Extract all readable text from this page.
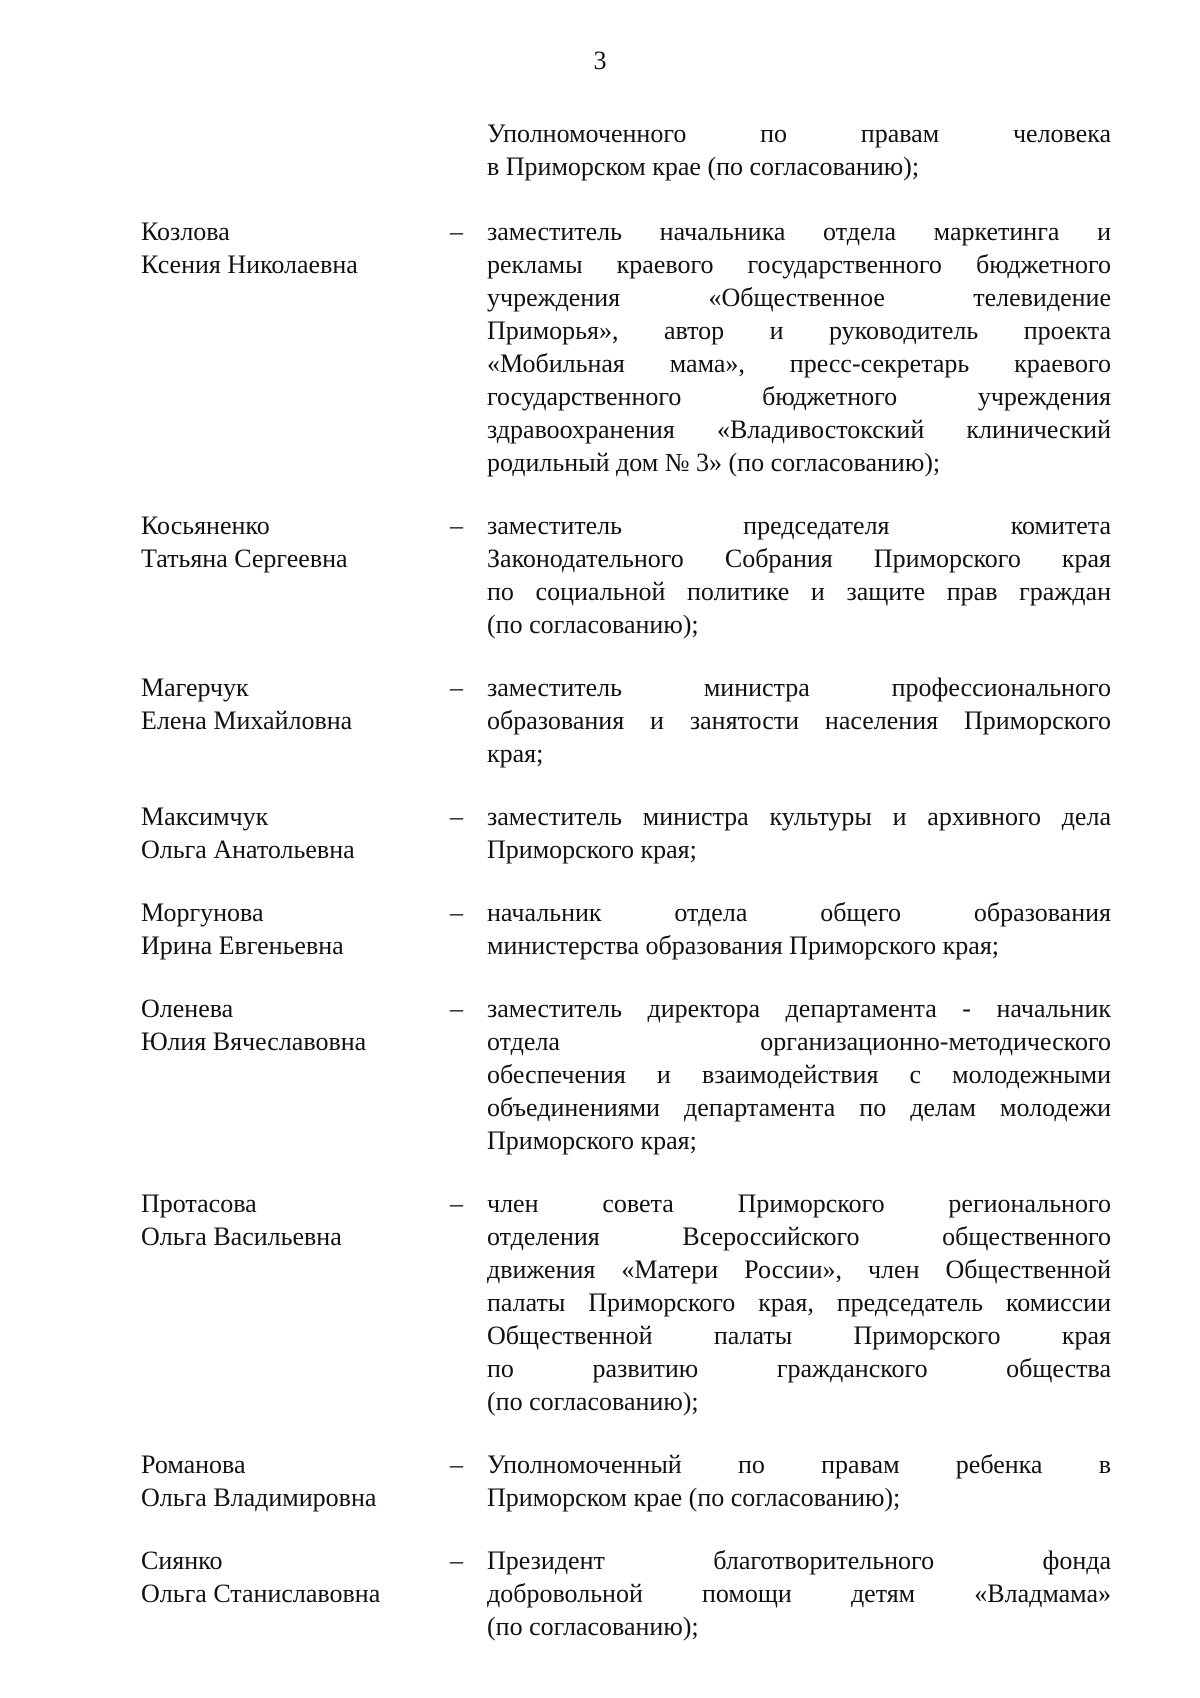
3
Уполномоченного по правам человека
в Приморском крае (по согласованию);
Козлова
Ксения Николаевна
– заместитель начальника отдела маркетинга и
рекламы краевого государственного бюджетного
учреждения «Общественное телевидение
Приморья», автор и руководитель проекта
«Мобильная мама», пресс-секретарь краевого
государственного бюджетного учреждения
здравоохранения «Владивостокский клинический
родильный дом № 3» (по согласованию);
Косьяненко
Татьяна Сергеевна
– заместитель председателя комитета
Законодательного Собрания Приморского края
по социальной политике и защите прав граждан
(по согласованию);
Магерчук
Елена Михайловна
– заместитель министра профессионального
образования и занятости населения Приморского
края;
Максимчук
Ольга Анатольевна
– заместитель министра культуры и архивного дела
Приморского края;
Моргунова
Ирина Евгеньевна
– начальник отдела общего образования
министерства образования Приморского края;
Оленева
Юлия Вячеславовна
– заместитель директора департамента - начальник
отдела организационно-методического
обеспечения и взаимодействия с молодежными
объединениями департамента по делам молодежи
Приморского края;
Протасова
Ольга Васильевна
– член совета Приморского регионального
отделения Всероссийского общественного
движения «Матери России», член Общественной
палаты Приморского края, председатель комиссии
Общественной палаты Приморского края
по развитию гражданского общества
(по согласованию);
Романова
Ольга Владимировна
– Уполномоченный по правам ребенка в
Приморском крае (по согласованию);
Сиянко
Ольга Станиславовна
– Президент благотворительного фонда
добровольной помощи детям «Владмама»
(по согласованию);
